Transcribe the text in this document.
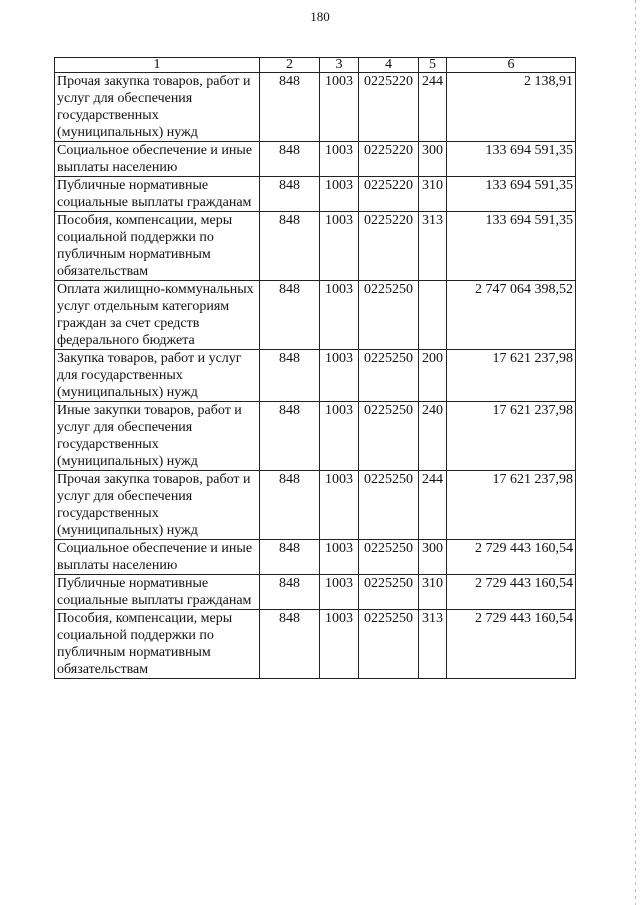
180
1	2	3	4	5	6
Прочая закупка товаров, работ и услуг для обеспечения государственных (муниципальных) нужд	848	1003	0225220	244	2 138,91
Социальное обеспечение и иные выплаты населению	848	1003	0225220	300	133 694 591,35
Публичные нормативные социальные выплаты гражданам	848	1003	0225220	310	133 694 591,35
Пособия, компенсации, меры социальной поддержки по публичным нормативным обязательствам	848	1003	0225220	313	133 694 591,35
Оплата жилищно-коммунальных услуг отдельным категориям граждан за счет средств федерального бюджета	848	1003	0225250		2 747 064 398,52
Закупка товаров, работ и услуг для государственных (муниципальных) нужд	848	1003	0225250	200	17 621 237,98
Иные закупки товаров, работ и услуг для обеспечения государственных (муниципальных) нужд	848	1003	0225250	240	17 621 237,98
Прочая закупка товаров, работ и услуг для обеспечения государственных (муниципальных) нужд	848	1003	0225250	244	17 621 237,98
Социальное обеспечение и иные выплаты населению	848	1003	0225250	300	2 729 443 160,54
Публичные нормативные социальные выплаты гражданам	848	1003	0225250	310	2 729 443 160,54
Пособия, компенсации, меры социальной поддержки по публичным нормативным обязательствам	848	1003	0225250	313	2 729 443 160,54
